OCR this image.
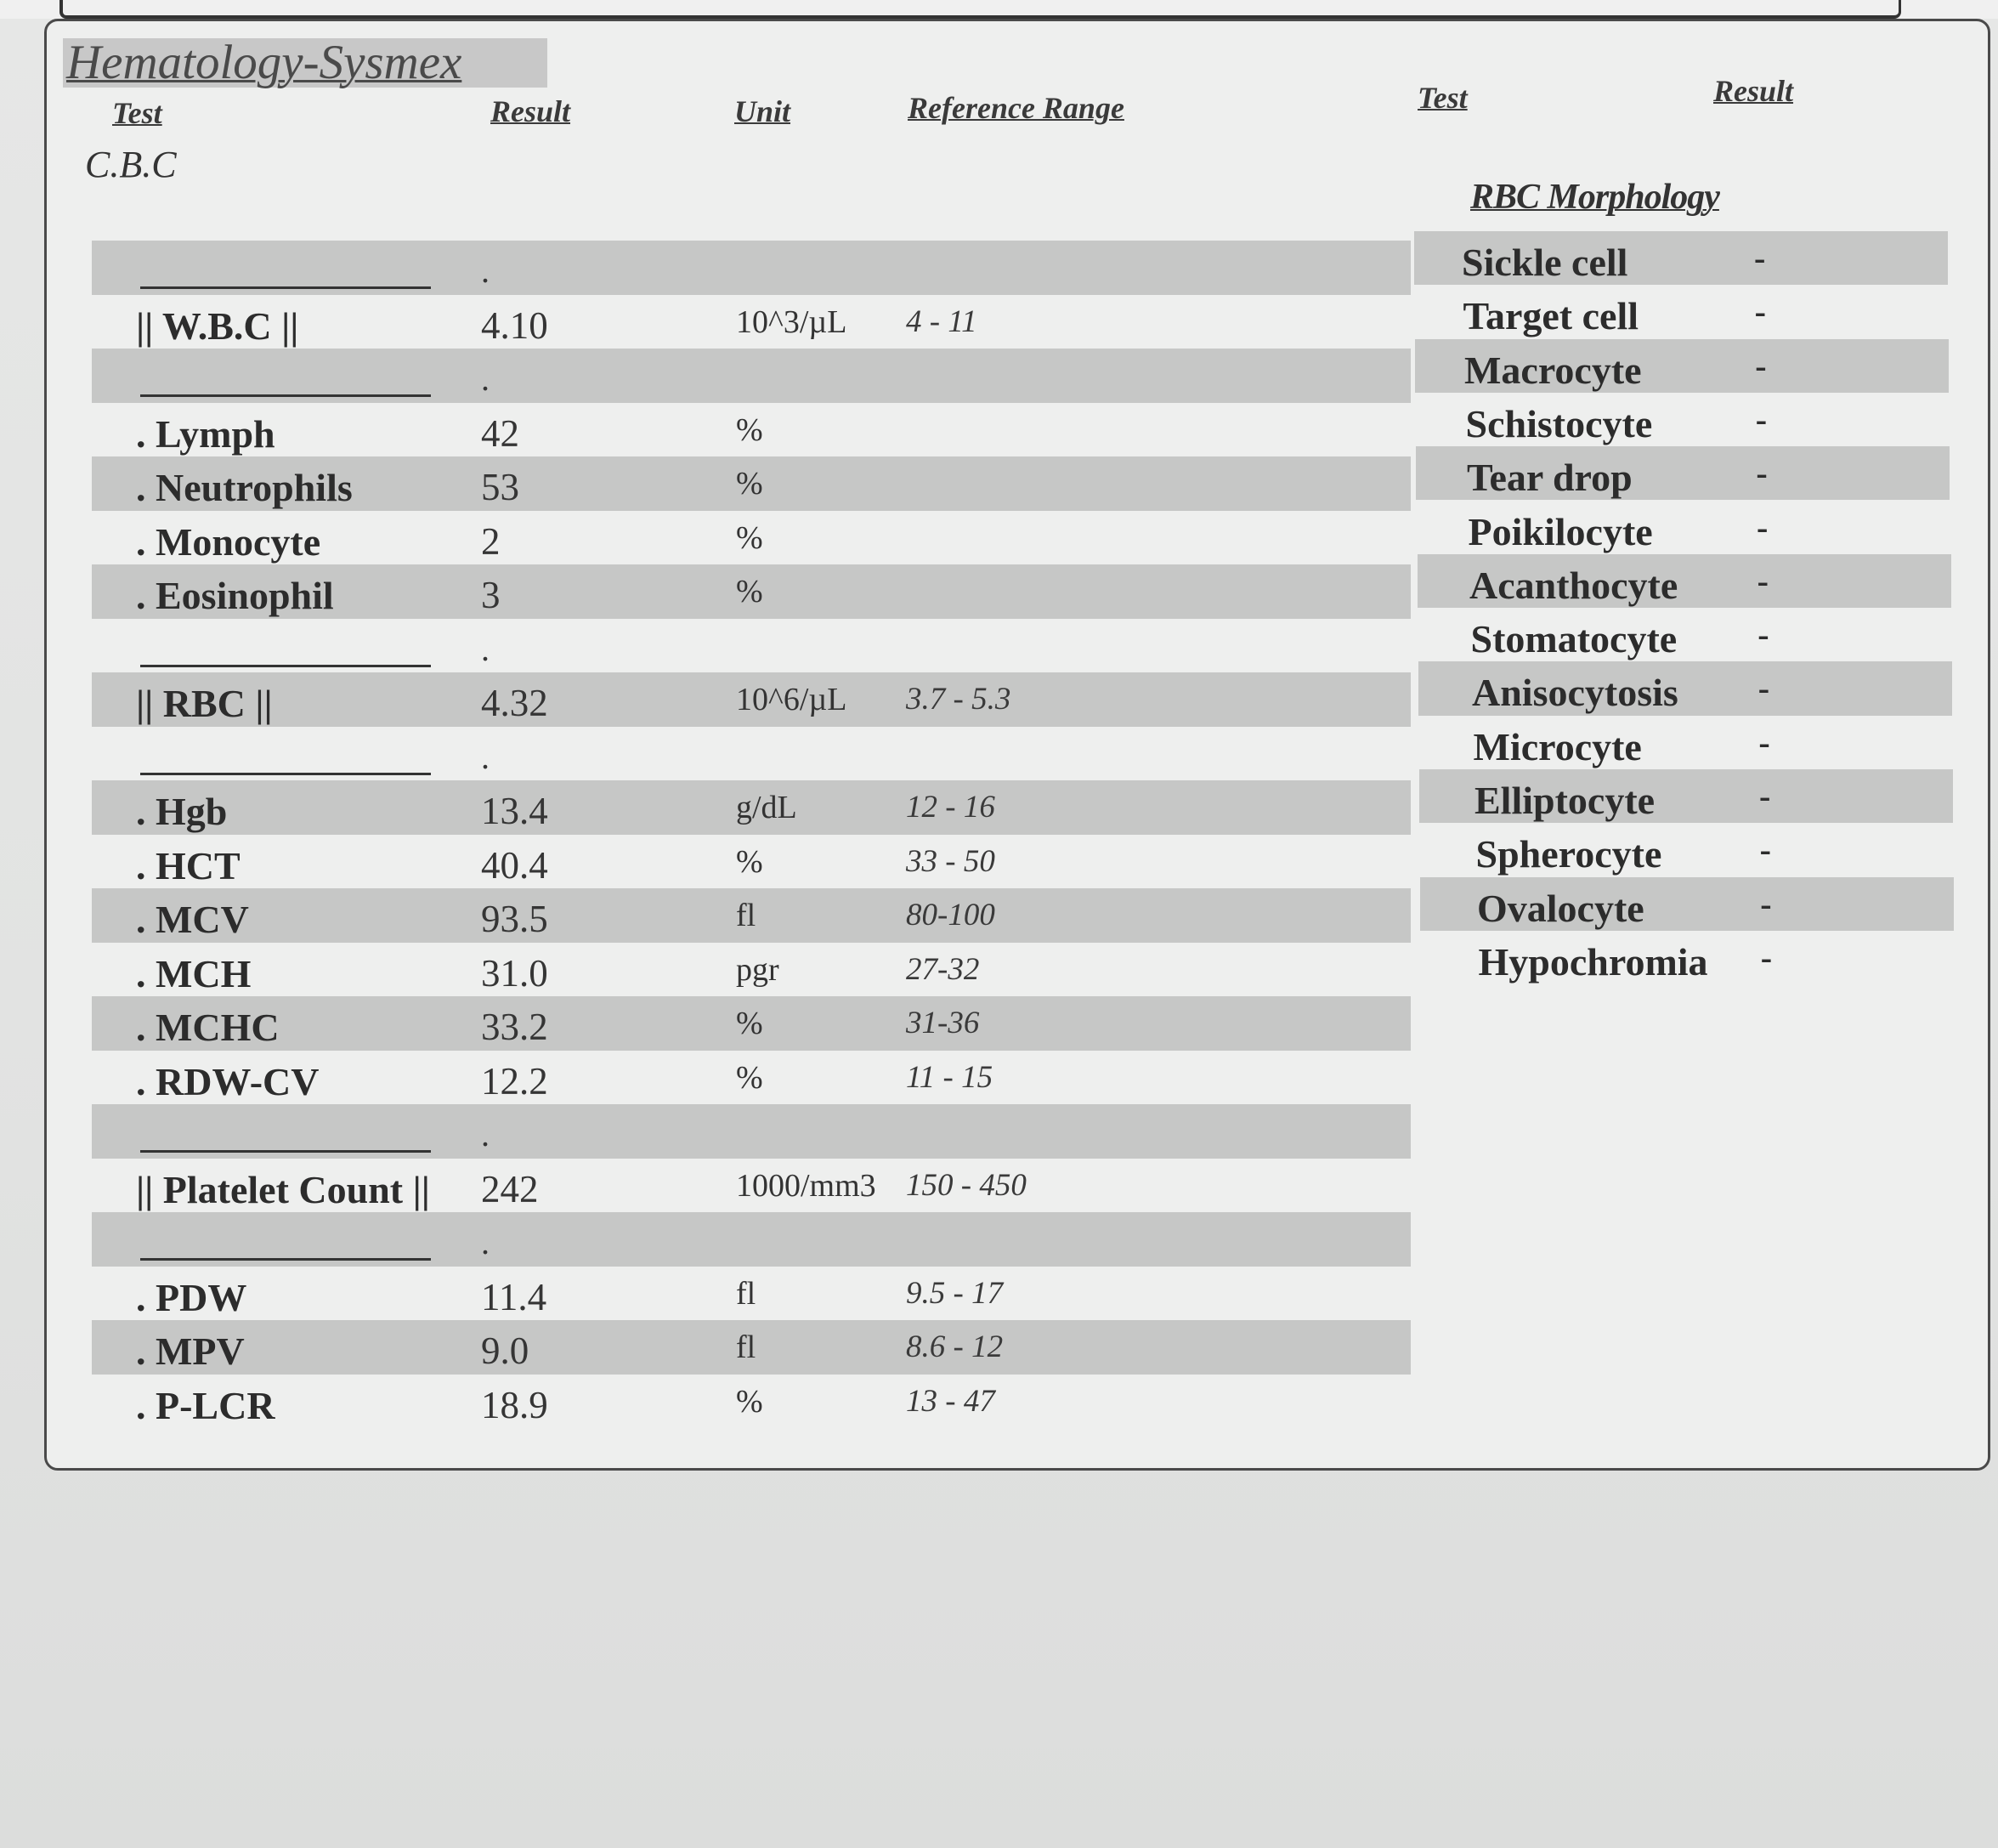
Hematology-Sysmex
Test	Result	Unit	Reference Range	Test	Result
C.B.C
RBC Morphology
.
|| W.B.C ||	4.10	10^3/µL 4 - 11
.
. Lymph	42	%
. Neutrophils	53	%
. Monocyte	2	%
. Eosinophil	3	%
.
|| RBC ||	4.32	10^6/µL 3.7 - 5.3
.
. Hgb	13.4	g/dL	12 - 16
. HCT	40.4	%	33 - 50
. MCV	93.5	fl	80-100
. MCH	31.0	pgr	27-32
. MCHC	33.2	%	31-36
. RDW-CV	12.2	%	11 - 15
.
|| Platelet Count || 242	1000/mm3 150 - 450
.
. PDW	11.4	fl	9.5 - 17
. MPV	9.0	fl	8.6 - 12
. P-LCR	18.9	%	13 - 47
Sickle cell	-
Target cell	-
Macrocyte	-
Schistocyte	-
Tear drop	-
Poikilocyte	-
Acanthocyte -
Stomatocyte -
Anisocytosis -
Microcyte	-
Elliptocyte	-
Spherocyte	-
Ovalocyte	-
Hypochromia -
